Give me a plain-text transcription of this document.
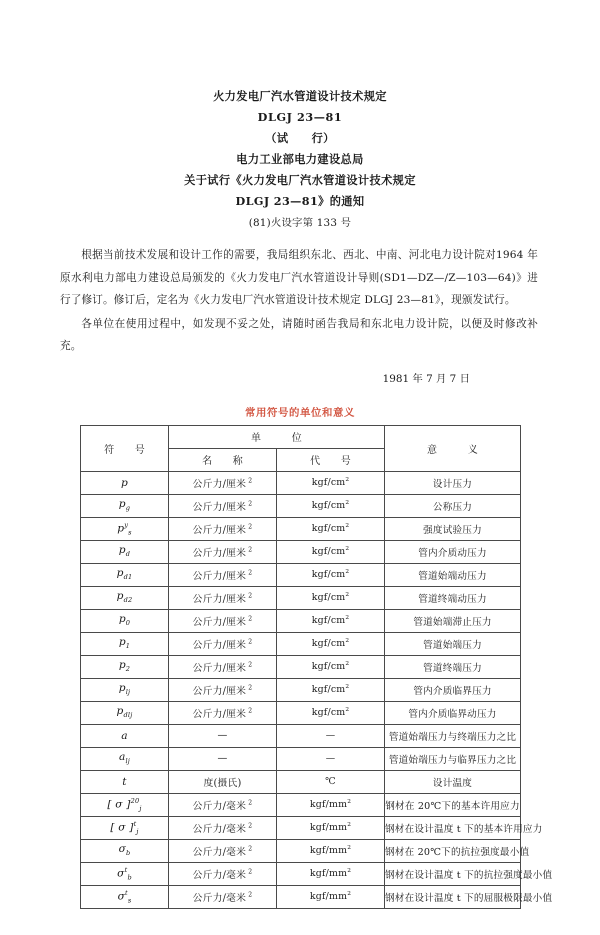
火力发电厂汽水管道设计技术规定
DLGJ 23—81
（试　　行）
电力工业部电力建设总局
关于试行《火力发电厂汽水管道设计技术规定
DLGJ 23—81》的通知
(81)火设字第 133 号

根据当前技术发展和设计工作的需要，我局组织东北、西北、中南、河北电力设计院对1964 年原水利电力部电力建设总局颁发的《火力发电厂汽水管道设计导则(SD1—DZ—/Z—103—64)》进行了修订。修订后，定名为《火力发电厂汽水管道设计技术规定 DLGJ 23—81》，现颁发试行。

各单位在使用过程中，如发现不妥之处，请随时函告我局和东北电力设计院，以便及时修改补充。

1981 年 7 月 7 日
常用符号的单位和意义
符　　号	单　　　位		意　　　义
	名　　称	代　　号	
p	公斤力/厘米 $^2$	kgf/$cm^2$	设计压力
$p_g$	公斤力/厘米 $^2$	kgf/$cm^2$	公称压力
$p^y_s$	公斤力/厘米 $^2$	kgf/$cm^2$	强度试验压力
$p_d$	公斤力/厘米 $^2$	kgf/$cm^2$	管内介质动压力
$p_{d1}$	公斤力/厘米 $^2$	kgf/$cm^2$	管道始端动压力
$p_{d2}$	公斤力/厘米 $^2$	kgf/$cm^2$	管道终端动压力
$p_0$	公斤力/厘米 $^2$	kgf/$cm^2$	管道始端滞止压力
$p_1$	公斤力/厘米 $^2$	kgf/$cm^2$	管道始端压力
$p_2$	公斤力/厘米 $^2$	kgf/$cm^2$	管道终端压力
$p_{lj}$	公斤力/厘米 $^2$	kgf/$cm^2$	管内介质临界压力
$p_{dlj}$	公斤力/厘米 $^2$	kgf/$cm^2$	管内介质临界动压力
a	—	—	管道始端压力与终端压力之比
$a_{lj}$	—	—	管道始端压力与临界压力之比
t	度(摄氏)	℃	设计温度
[ σ ]$^{20}_j$	公斤力/毫米 $^2$	kgf/$mm^2$	钢材在 20℃下的基本许用应力
[ σ ]$^t_j$	公斤力/毫米 $^2$	kgf/$mm^2$	钢材在设计温度 t 下的基本许用应力
$\sigma_b$	公斤力/毫米 $^2$	kgf/$mm^2$	钢材在 20℃下的抗拉强度最小值
$\sigma^t_b$	公斤力/毫米 $^2$	kgf/$mm^2$	钢材在设计温度 t 下的抗拉强度最小值
$\sigma^t_s$	公斤力/毫米 $^2$	kgf/$mm^2$	钢材在设计温度 t 下的屈服极限最小值
